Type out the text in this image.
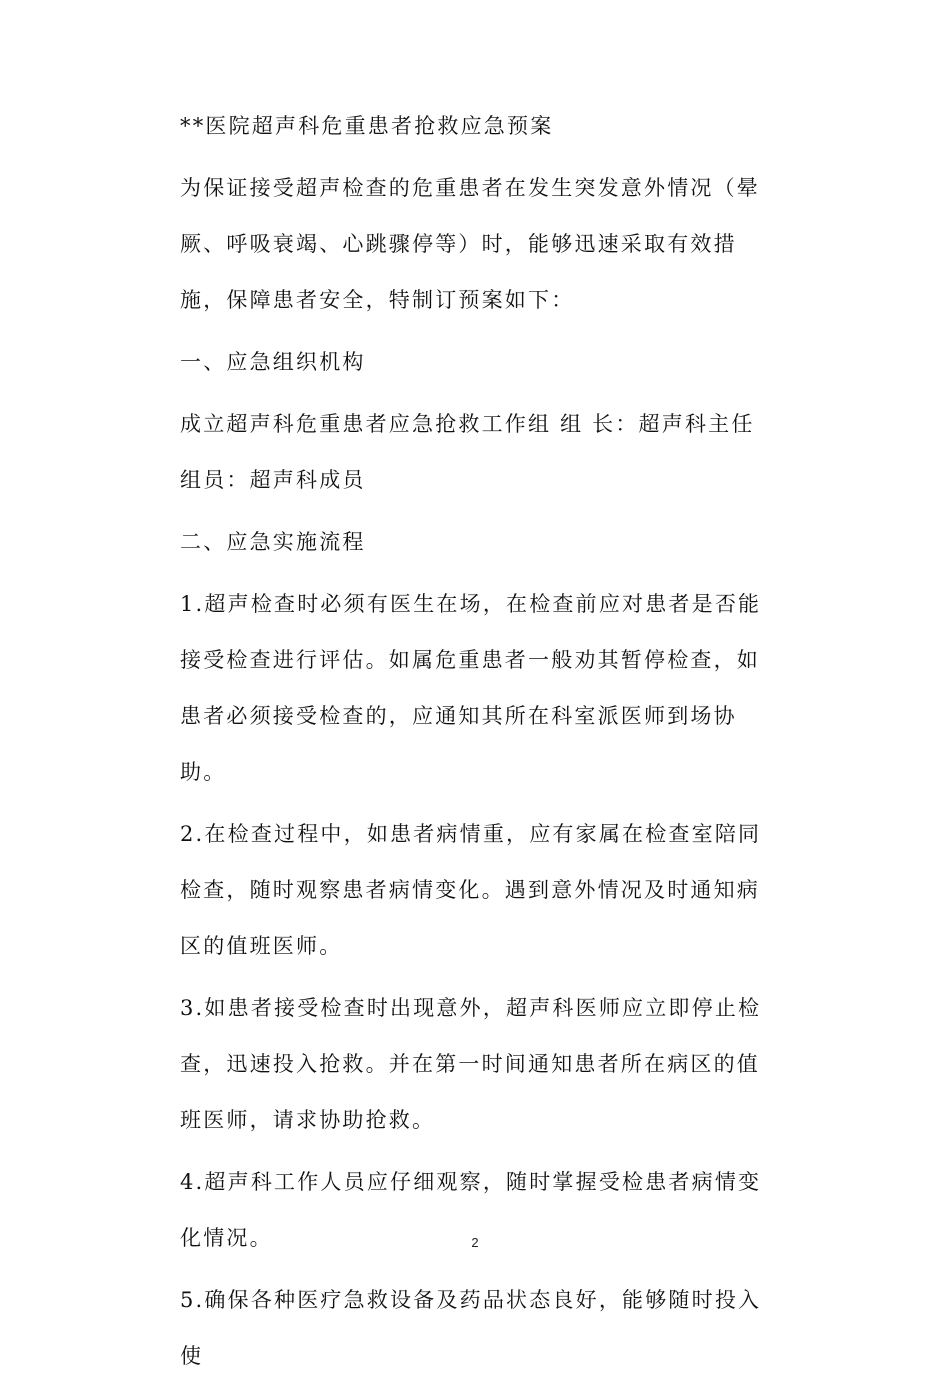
**医院超声科危重患者抢救应急预案

为保证接受超声检查的危重患者在发生突发意外情况（晕厥、呼吸衰竭、心跳骤停等）时，能够迅速采取有效措施，保障患者安全，特制订预案如下：

一、应急组织机构

成立超声科危重患者应急抢救工作组 组 长：超声科主任 组员：超声科成员

二、应急实施流程

1.超声检查时必须有医生在场，在检查前应对患者是否能接受检查进行评估。如属危重患者一般劝其暂停检查，如患者必须接受检查的，应通知其所在科室派医师到场协助。

2.在检查过程中，如患者病情重，应有家属在检查室陪同检查，随时观察患者病情变化。遇到意外情况及时通知病区的值班医师。

3.如患者接受检查时出现意外，超声科医师应立即停止检查，迅速投入抢救。并在第一时间通知患者所在病区的值班医师，请求协助抢救。

4.超声科工作人员应仔细观察，随时掌握受检患者病情变化情况。

5.确保各种医疗急救设备及药品状态良好，能够随时投入使

2
